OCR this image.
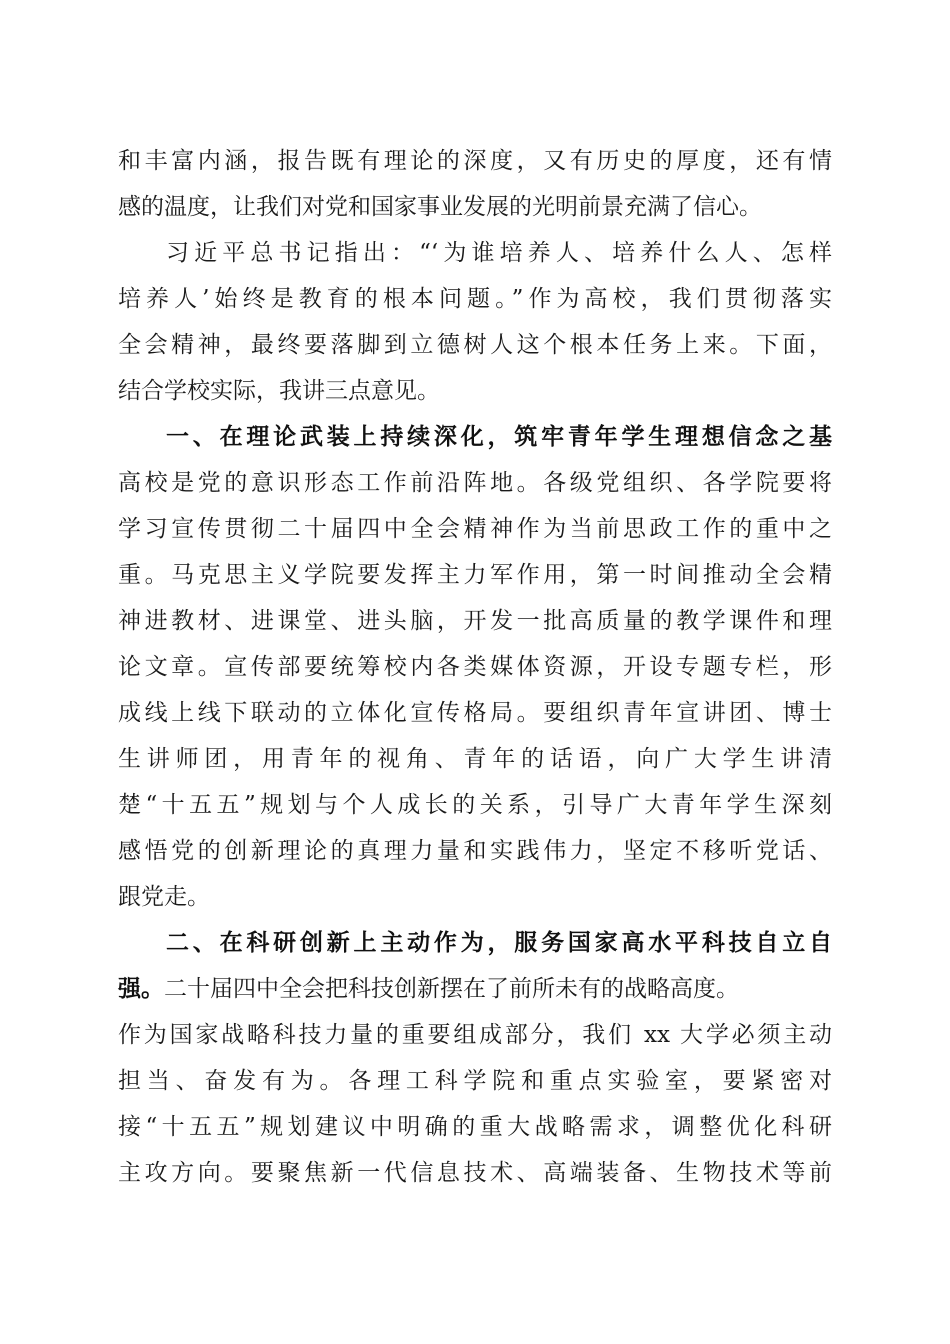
和丰富内涵，报告既有理论的深度，又有历史的厚度，还有情
感的温度，让我们对党和国家事业发展的光明前景充满了信心。
习近平总书记指出：“‘为谁培养人、培养什么人、怎样
培养人’始终是教育的根本问题。”作为高校，我们贯彻落实
全会精神，最终要落脚到立德树人这个根本任务上来。下面，
结合学校实际，我讲三点意见。
一、在理论武装上持续深化，筑牢青年学生理想信念之基
高校是党的意识形态工作前沿阵地。各级党组织、各学院要将
学习宣传贯彻二十届四中全会精神作为当前思政工作的重中之
重。马克思主义学院要发挥主力军作用，第一时间推动全会精
神进教材、进课堂、进头脑，开发一批高质量的教学课件和理
论文章。宣传部要统筹校内各类媒体资源，开设专题专栏，形
成线上线下联动的立体化宣传格局。要组织青年宣讲团、博士
生讲师团，用青年的视角、青年的话语，向广大学生讲清
楚“十五五”规划与个人成长的关系，引导广大青年学生深刻
感悟党的创新理论的真理力量和实践伟力，坚定不移听党话、
跟党走。
二、在科研创新上主动作为，服务国家高水平科技自立自
强。二十届四中全会把科技创新摆在了前所未有的战略高度。
作为国家战略科技力量的重要组成部分，我们 xx 大学必须主动
担当、奋发有为。各理工科学院和重点实验室，要紧密对
接“十五五”规划建议中明确的重大战略需求，调整优化科研
主攻方向。要聚焦新一代信息技术、高端装备、生物技术等前
